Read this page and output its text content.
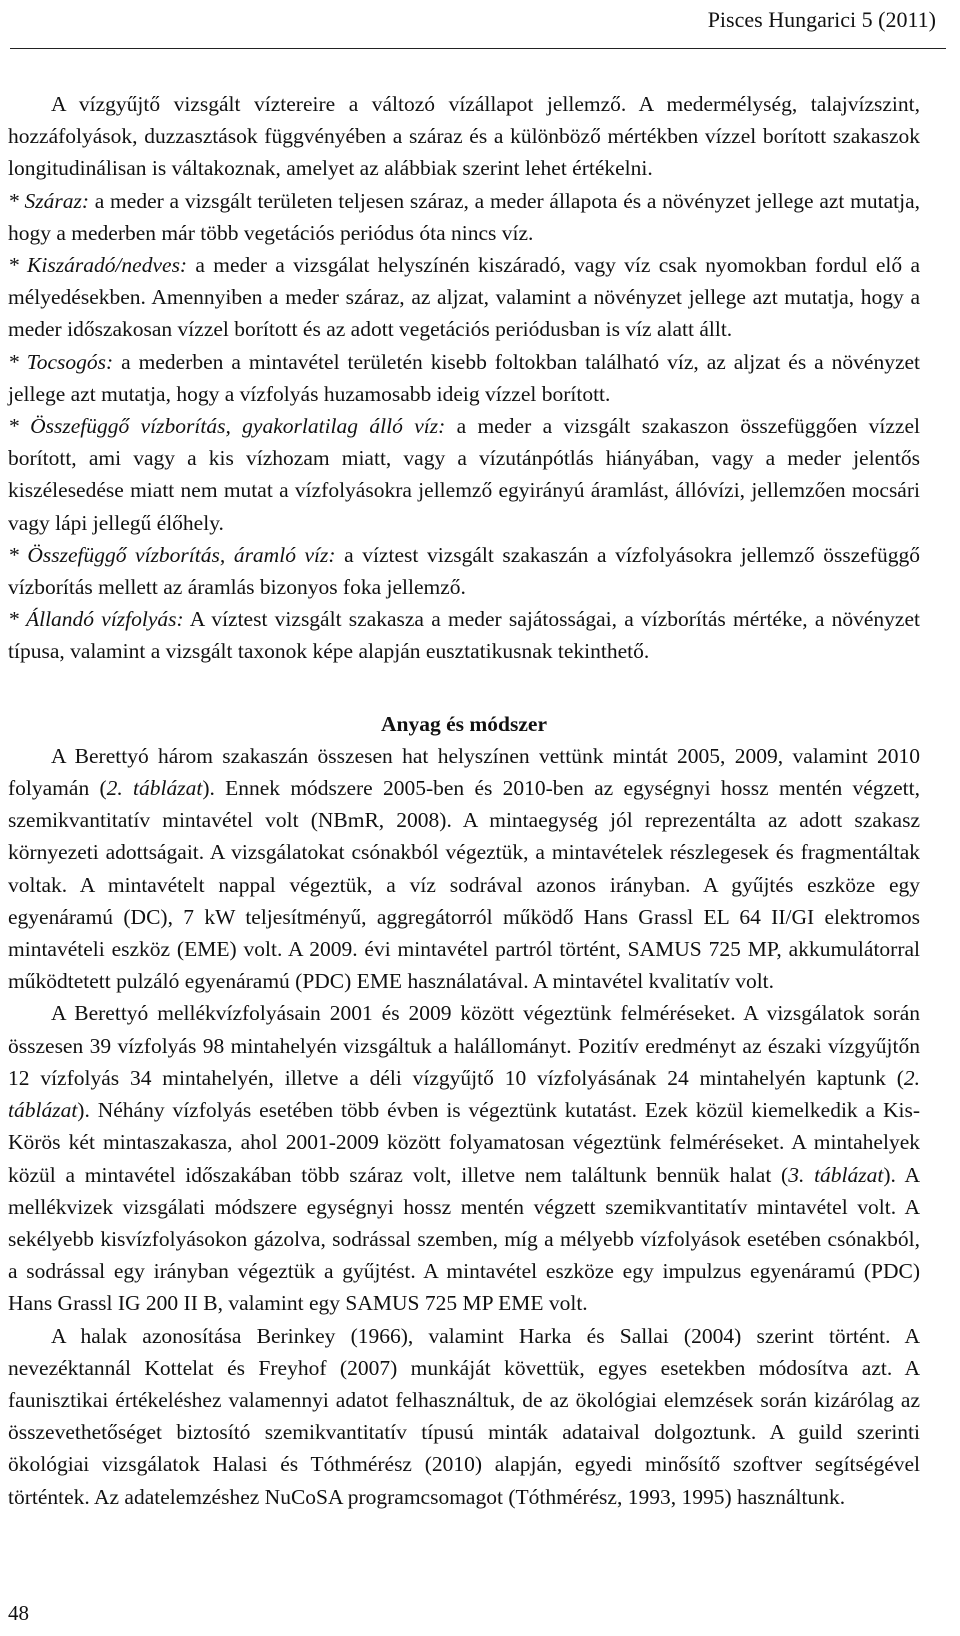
Pisces Hungarici 5 (2011)

A vízgyűjtő vizsgált víztereire a változó vízállapot jellemző. A medermélység, talajvízszint, hozzáfolyások, duzzasztások függvényében a száraz és a különböző mértékben vízzel borított szakaszok longitudinálisan is váltakoznak, amelyet az alábbiak szerint lehet értékelni.

* Száraz: a meder a vizsgált területen teljesen száraz, a meder állapota és a növényzet jellege azt mutatja, hogy a mederben már több vegetációs periódus óta nincs víz.

* Kiszáradó/nedves: a meder a vizsgálat helyszínén kiszáradó, vagy víz csak nyomokban fordul elő a mélyedésekben. Amennyiben a meder száraz, az aljzat, valamint a növényzet jellege azt mutatja, hogy a meder időszakosan vízzel borított és az adott vegetációs periódusban is víz alatt állt.

* Tocsogós: a mederben a mintavétel területén kisebb foltokban található víz, az aljzat és a növényzet jellege azt mutatja, hogy a vízfolyás huzamosabb ideig vízzel borított.

* Összefüggő vízborítás, gyakorlatilag álló víz: a meder a vizsgált szakaszon összefüggően vízzel borított, ami vagy a kis vízhozam miatt, vagy a vízutánpótlás hiányában, vagy a meder jelentős kiszélesedése miatt nem mutat a vízfolyásokra jellemző egyirányú áramlást, állóvízi, jellemzően mocsári vagy lápi jellegű élőhely.

* Összefüggő vízborítás, áramló víz: a víztest vizsgált szakaszán a vízfolyásokra jellemző összefüggő vízborítás mellett az áramlás bizonyos foka jellemző.

* Állandó vízfolyás: A víztest vizsgált szakasza a meder sajátosságai, a vízborítás mértéke, a növényzet típusa, valamint a vizsgált taxonok képe alapján eusztatikusnak tekinthető.

Anyag és módszer

A Berettyó három szakaszán összesen hat helyszínen vettünk mintát 2005, 2009, valamint 2010 folyamán (2. táblázat). Ennek módszere 2005-ben és 2010-ben az egységnyi hossz mentén végzett, szemikvantitatív mintavétel volt (NBmR, 2008). A mintaegység jól reprezentálta az adott szakasz környezeti adottságait. A vizsgálatokat csónakból végeztük, a mintavételek részlegesek és fragmentáltak voltak. A mintavételt nappal végeztük, a víz sodrával azonos irányban. A gyűjtés eszköze egy egyenáramú (DC), 7 kW teljesítményű, aggregátorról működő Hans Grassl EL 64 II/GI elektromos mintavételi eszköz (EME) volt. A 2009. évi mintavétel partról történt, SAMUS 725 MP, akkumulátorral működtetett pulzáló egyenáramú (PDC) EME használatával. A mintavétel kvalitatív volt.

A Berettyó mellékvízfolyásain 2001 és 2009 között végeztünk felméréseket. A vizsgálatok során összesen 39 vízfolyás 98 mintahelyén vizsgáltuk a halállományt. Pozitív eredményt az északi vízgyűjtőn 12 vízfolyás 34 mintahelyén, illetve a déli vízgyűjtő 10 vízfolyásának 24 mintahelyén kaptunk (2. táblázat). Néhány vízfolyás esetében több évben is végeztünk kutatást. Ezek közül kiemelkedik a Kis-Körös két mintaszakasza, ahol 2001-2009 között folyamatosan végeztünk felméréseket. A mintahelyek közül a mintavétel időszakában több száraz volt, illetve nem találtunk bennük halat (3. táblázat). A mellékvizek vizsgálati módszere egységnyi hossz mentén végzett szemikvantitatív mintavétel volt. A sekélyebb kisvízfolyásokon gázolva, sodrással szemben, míg a mélyebb vízfolyások esetében csónakból, a sodrással egy irányban végeztük a gyűjtést. A mintavétel eszköze egy impulzus egyenáramú (PDC) Hans Grassl IG 200 II B, valamint egy SAMUS 725 MP EME volt.

A halak azonosítása Berinkey (1966), valamint Harka és Sallai (2004) szerint történt. A nevezéktannál Kottelat és Freyhof (2007) munkáját követtük, egyes esetekben módosítva azt. A faunisztikai értékeléshez valamennyi adatot felhasználtuk, de az ökológiai elemzések során kizárólag az összevethetőséget biztosító szemikvantitatív típusú minták adataival dolgoztunk. A guild szerinti ökológiai vizsgálatok Halasi és Tóthmérész (2010) alapján, egyedi minősítő szoftver segítségével történtek. Az adatelemzéshez NuCoSA programcsomagot (Tóthmérész, 1993, 1995) használtunk.

48
